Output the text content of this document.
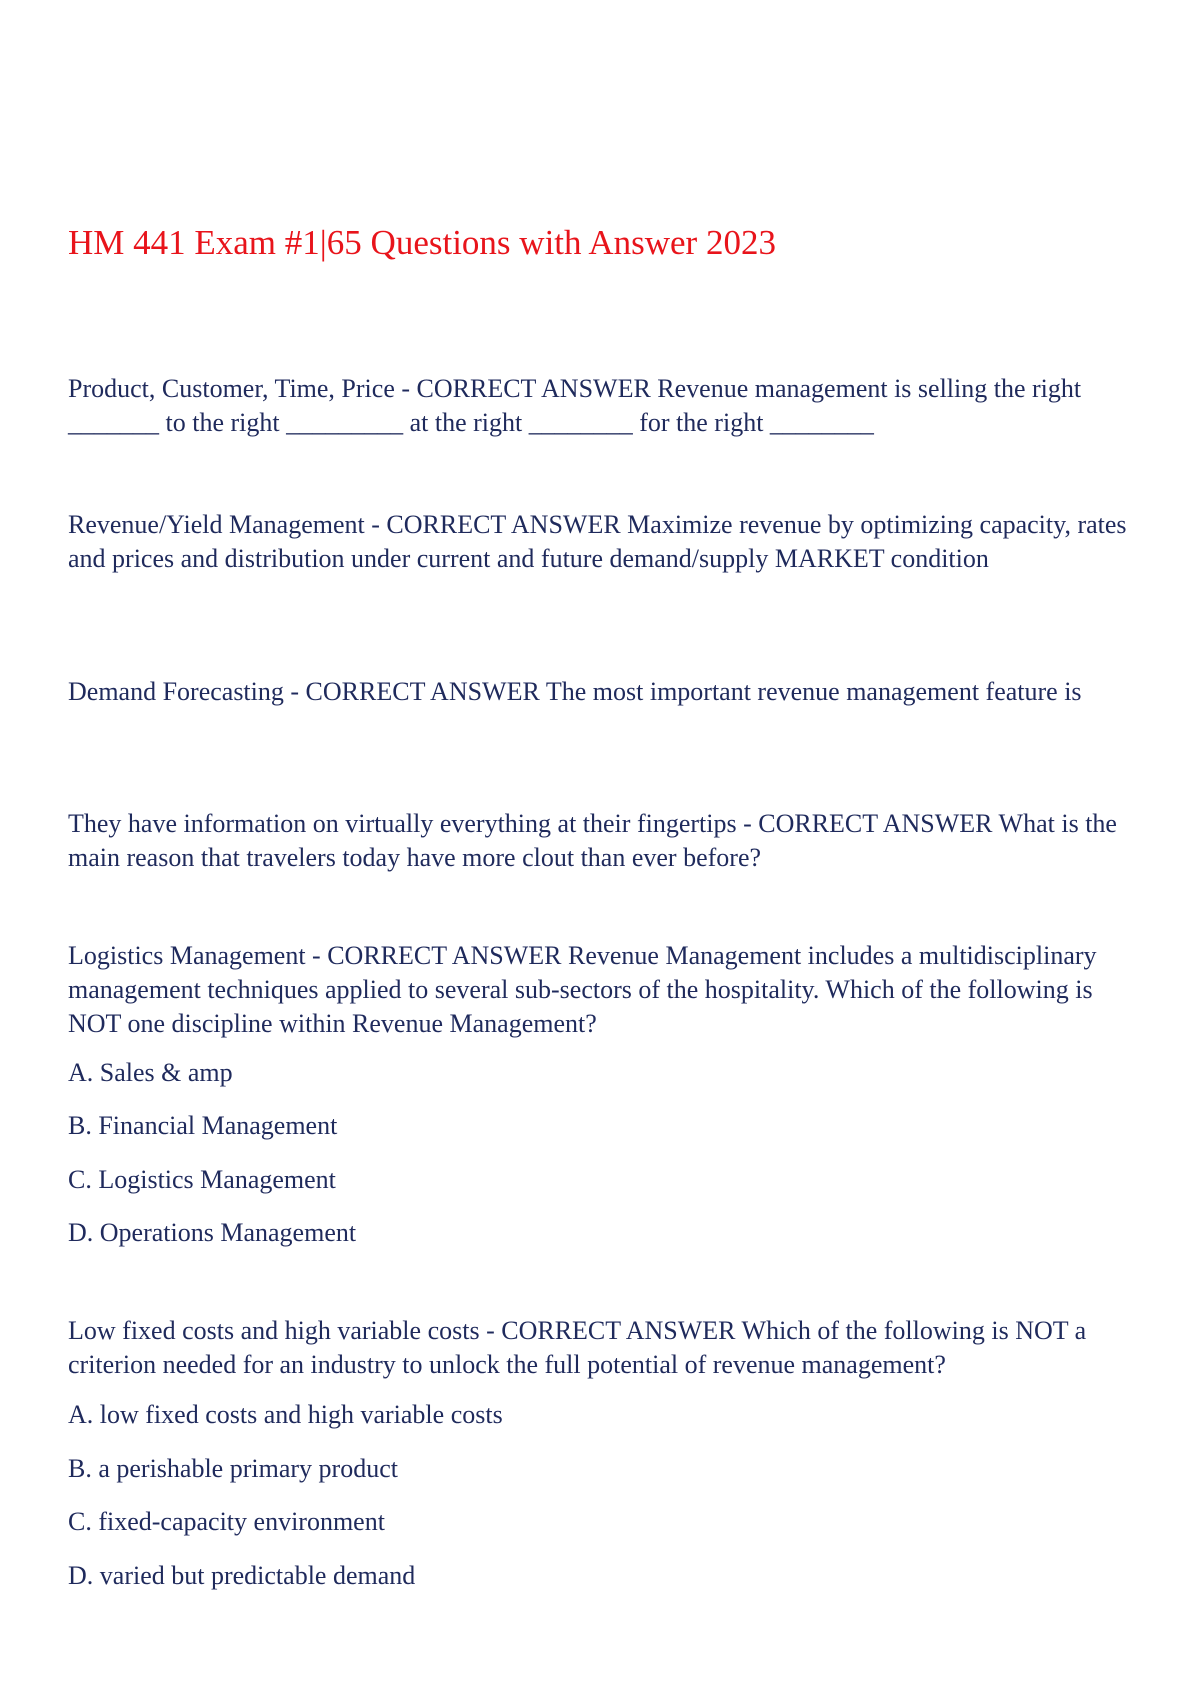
HM 441 Exam #1|65 Questions with Answer 2023

Product, Customer, Time, Price - CORRECT ANSWER Revenue management is selling the right _______ to the right _________ at the right ________ for the right ________

Revenue/Yield Management - CORRECT ANSWER Maximize revenue by optimizing capacity, rates and prices and distribution under current and future demand/supply MARKET condition

Demand Forecasting - CORRECT ANSWER The most important revenue management feature is

They have information on virtually everything at their fingertips - CORRECT ANSWER What is the main reason that travelers today have more clout than ever before?

Logistics Management - CORRECT ANSWER Revenue Management includes a multidisciplinary management techniques applied to several sub-sectors of the hospitality. Which of the following is NOT one discipline within Revenue Management?

A. Sales & amp

B. Financial Management

C. Logistics Management

D. Operations Management

Low fixed costs and high variable costs - CORRECT ANSWER Which of the following is NOT a criterion needed for an industry to unlock the full potential of revenue management?

A. low fixed costs and high variable costs

B. a perishable primary product

C. fixed-capacity environment

D. varied but predictable demand
